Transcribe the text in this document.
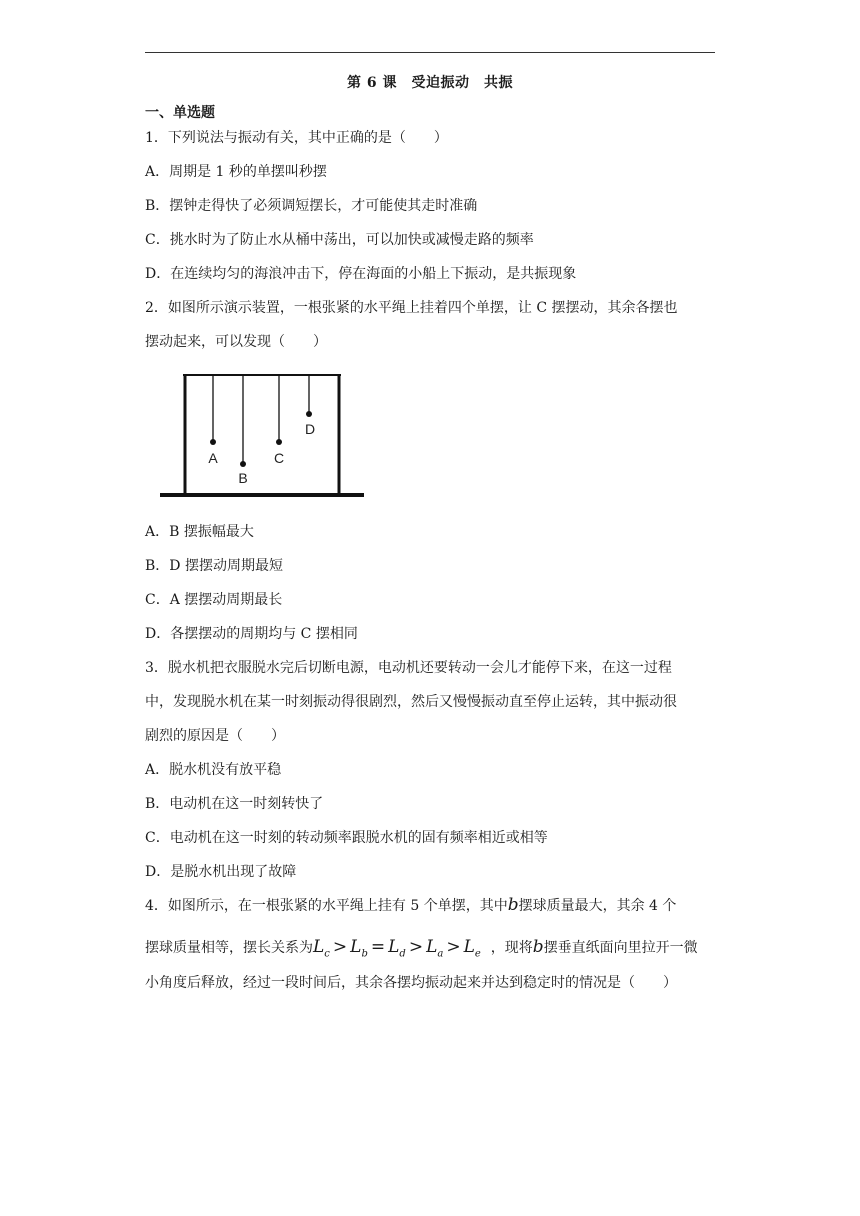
第 6 课　受迫振动　共振
一、单选题
1．下列说法与振动有关，其中正确的是（　　）
A．周期是 1 秒的单摆叫秒摆
B．摆钟走得快了必须调短摆长，才可能使其走时准确
C．挑水时为了防止水从桶中荡出，可以加快或减慢走路的频率
D．在连续均匀的海浪冲击下，停在海面的小船上下振动，是共振现象
2．如图所示演示装置，一根张紧的水平绳上挂着四个单摆，让 C 摆摆动，其余各摆也
摆动起来，可以发现（　　）
A
B
C
D
A．B 摆振幅最大
B．D 摆摆动周期最短
C．A 摆摆动周期最长
D．各摆摆动的周期均与 C 摆相同
3．脱水机把衣服脱水完后切断电源，电动机还要转动一会儿才能停下来，在这一过程
中，发现脱水机在某一时刻振动得很剧烈，然后又慢慢振动直至停止运转，其中振动很
剧烈的原因是（　　）
A．脱水机没有放平稳
B．电动机在这一时刻转快了
C．电动机在这一时刻的转动频率跟脱水机的固有频率相近或相等
D．是脱水机出现了故障
4．如图所示，在一根张紧的水平绳上挂有 5 个单摆，其中b摆球质量最大，其余 4 个
摆球质量相等，摆长关系为$L_c > L_b = L_d > L_a > L_e$ ，现将b摆垂直纸面向里拉开一微
小角度后释放，经过一段时间后，其余各摆均振动起来并达到稳定时的情况是（　　）
